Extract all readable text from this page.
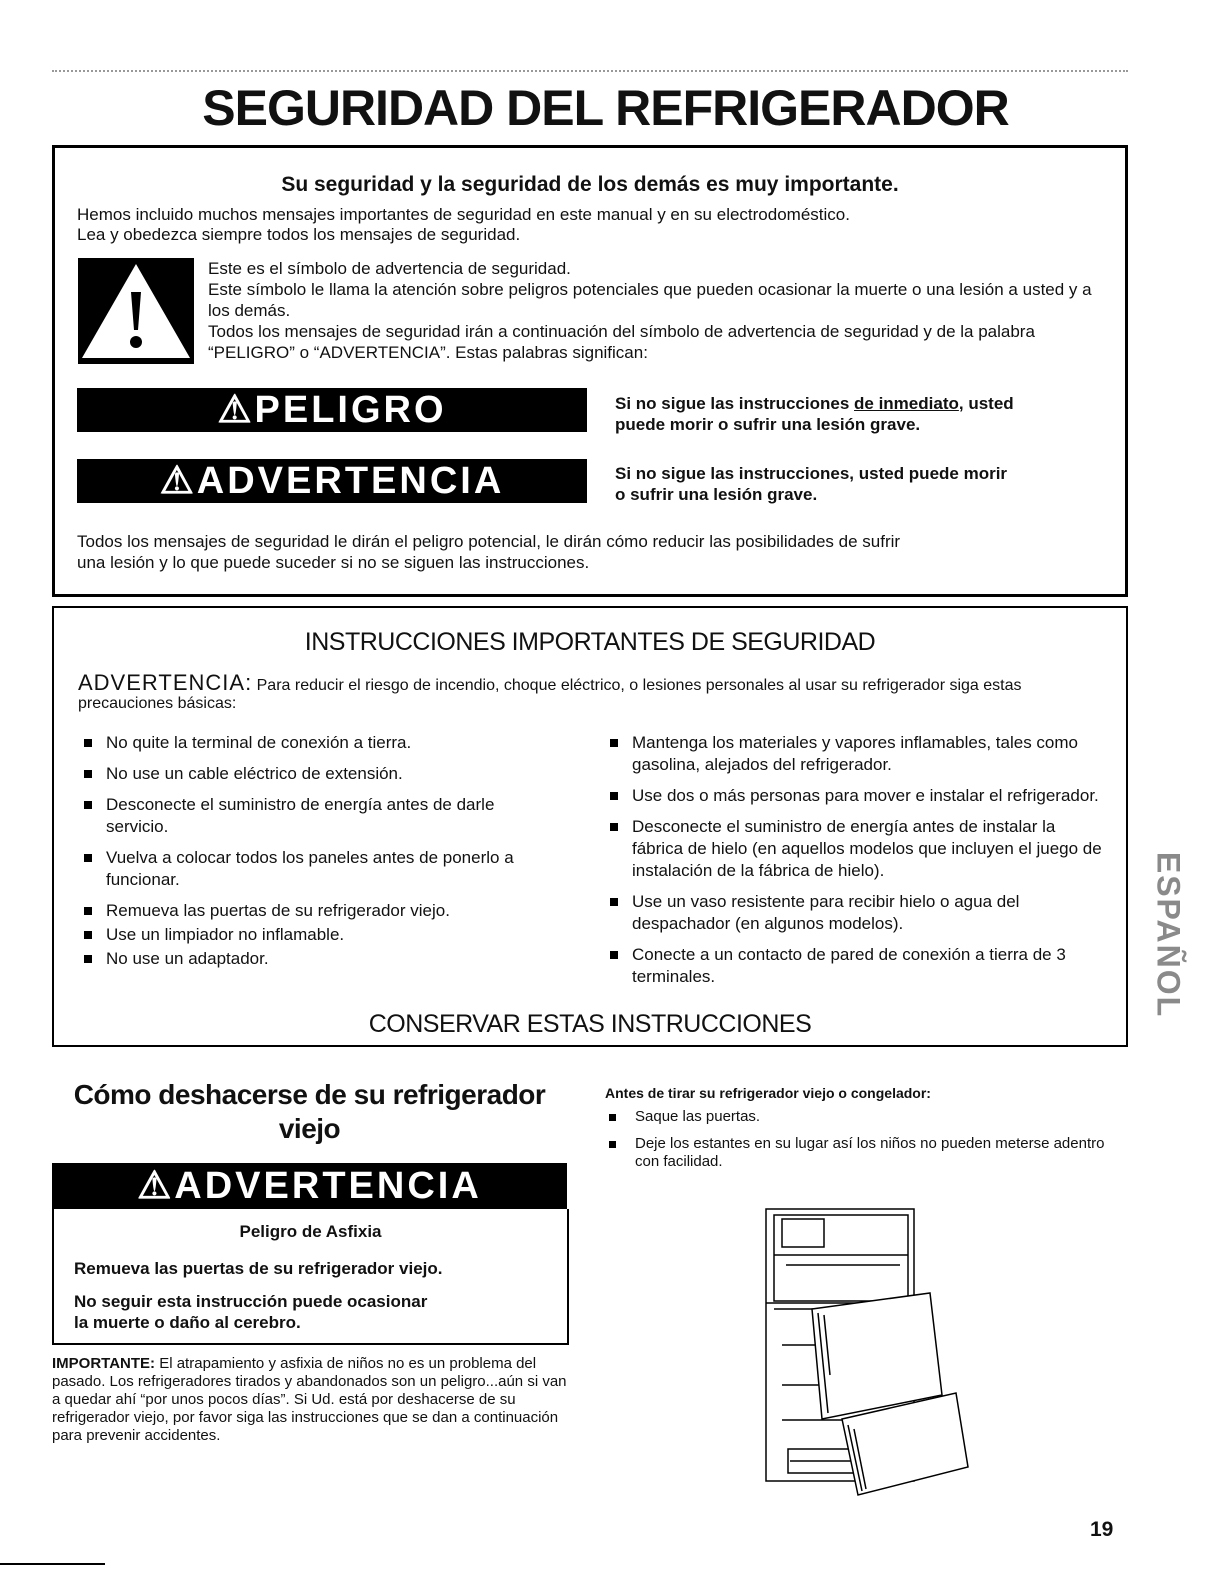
SEGURIDAD DEL REFRIGERADOR
Su seguridad y la seguridad de los demás es muy importante.
Hemos incluido muchos mensajes importantes de seguridad en este manual y en su electrodoméstico.
Lea y obedezca siempre todos los mensajes de seguridad.
Este es el símbolo de advertencia de seguridad.
Este símbolo le llama la atención sobre peligros potenciales que pueden ocasionar la muerte o una lesión a usted y a los demás.
Todos los mensajes de seguridad irán a continuación del símbolo de advertencia de seguridad y de la palabra “PELIGRO” o “ADVERTENCIA”. Estas palabras significan:
⚠PELIGRO	Si no sigue las instrucciones de inmediato, usted
puede morir o sufrir una lesión grave.
⚠ADVERTENCIA	Si no sigue las instrucciones, usted puede morir
o sufrir una lesión grave.
Todos los mensajes de seguridad le dirán el peligro potencial, le dirán cómo reducir las posibilidades de sufrir
una lesión y lo que puede suceder si no se siguen las instrucciones.
INSTRUCCIONES IMPORTANTES DE SEGURIDAD
ADVERTENCIA: Para reducir el riesgo de incendio, choque eléctrico, o lesiones personales al usar su refrigerador siga estas precauciones básicas:
No quite la terminal de conexión a tierra.
No use un cable eléctrico de extensión.
Desconecte el suministro de energía antes de darle servicio.
Vuelva a colocar todos los paneles antes de ponerlo a funcionar.
Remueva las puertas de su refrigerador viejo.
Use un limpiador no inflamable.
No use un adaptador.
Mantenga los materiales y vapores inflamables, tales como gasolina, alejados del refrigerador.
Use dos o más personas para mover e instalar el refrigerador.
Desconecte el suministro de energía antes de instalar la fábrica de hielo (en aquellos modelos que incluyen el juego de instalación de la fábrica de hielo).
Use un vaso resistente para recibir hielo o agua del despachador (en algunos modelos).
Conecte a un contacto de pared de conexión a tierra de 3 terminales.
CONSERVAR ESTAS INSTRUCCIONES
ESPAÑOL
Cómo deshacerse de su refrigerador
viejo
⚠ADVERTENCIA
Peligro de Asfixia
Remueva las puertas de su refrigerador viejo.
No seguir esta instrucción puede ocasionar
la muerte o daño al cerebro.
IMPORTANTE: El atrapamiento y asfixia de niños no es un problema del pasado. Los refrigeradores tirados y abandonados son un peligro...aún si van a quedar ahí “por unos pocos días”. Si Ud. está por deshacerse de su refrigerador viejo, por favor siga las instrucciones que se dan a continuación para prevenir accidentes.
Antes de tirar su refrigerador viejo o congelador:
Saque las puertas.
Deje los estantes en su lugar así los niños no pueden meterse adentro con facilidad.
19
